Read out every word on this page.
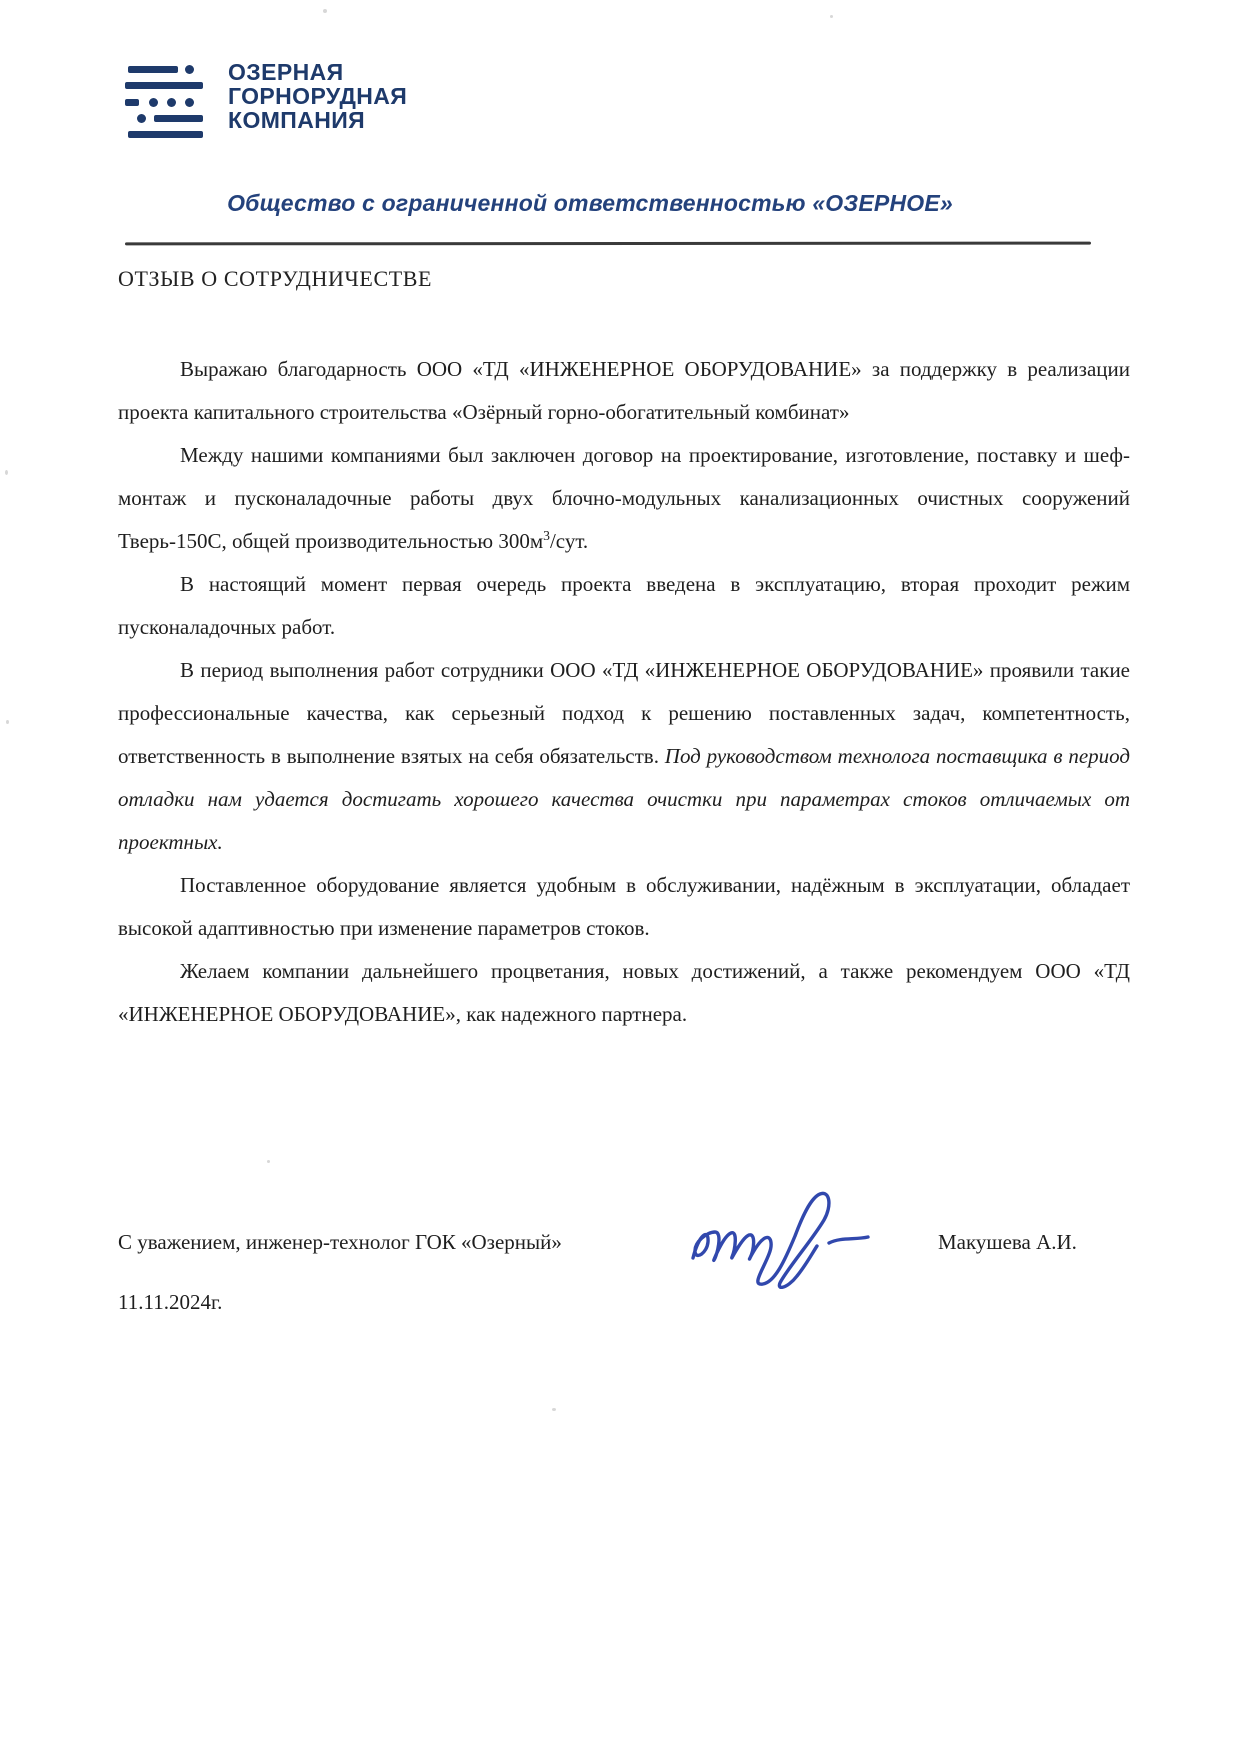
ОЗЕРНАЯ
ГОРНОРУДНАЯ
КОМПАНИЯ
Общество с ограниченной ответственностью «ОЗЕРНОЕ»
ОТЗЫВ О СОТРУДНИЧЕСТВЕ

Выражаю благодарность ООО «ТД «ИНЖЕНЕРНОЕ ОБОРУДОВАНИЕ» за поддержку в реализации проекта капитального строительства «Озёрный горно-обогатительный комбинат»

Между нашими компаниями был заключен договор на проектирование, изготовление, поставку и шеф-монтаж и пусконаладочные работы двух блочно-модульных канализационных очистных сооружений Тверь-150С, общей производительностью $300м^3$/сут.

В настоящий момент первая очередь проекта введена в эксплуатацию, вторая проходит режим пусконаладочных работ.

В период выполнения работ сотрудники ООО «ТД «ИНЖЕНЕРНОЕ ОБОРУДОВАНИЕ» проявили такие профессиональные качества, как серьезный подход к решению поставленных задач, компетентность, ответственность в выполнение взятых на себя обязательств. Под руководством технолога поставщика в период отладки нам удается достигать хорошего качества очистки при параметрах стоков отличаемых от проектных.

Поставленное оборудование является удобным в обслуживании, надёжным в эксплуатации, обладает высокой адаптивностью при изменение параметров стоков.

Желаем компании дальнейшего процветания, новых достижений, а также рекомендуем ООО «ТД «ИНЖЕНЕРНОЕ ОБОРУДОВАНИЕ», как надежного партнера.

С уважением, инженер-технолог ГОК «Озерный»	Макушева А.И.
11.11.2024г.
